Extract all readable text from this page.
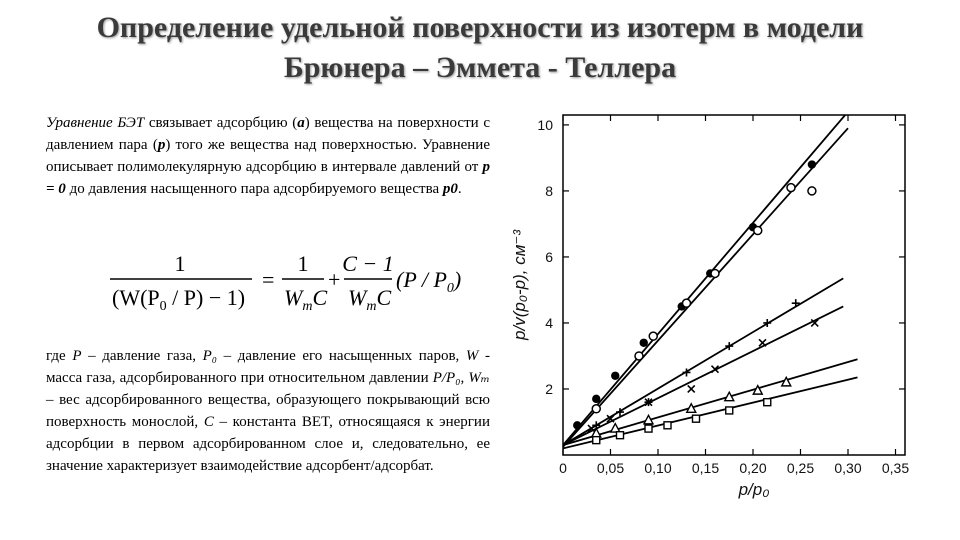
Определение удельной поверхности из изотерм в модели
Брюнера – Эммета - Теллера
Уравнение БЭТ связывает адсорбцию (а) вещества на поверхности с давлением пара (р) того же вещества над поверхностью. Уравнение описывает полимолекулярную адсорбцию в интервале давлений от р = 0 до давления насыщенного пара адсорбируемого вещества р0.
1
$(W(P_0 / P) - 1)$
=
1
$W_mC$
+
C − 1
$W_mC$
$(P / P_0)$
где Р – давление газа, Р₀ – давление его насыщенных паров, W - масса газа, адсорбированного при относительном давлении Р/Р₀, Wₘ – вес адсорбированного вещества, образующего покрывающий всю поверхность монослой, С – константа BET, относящаяся к энергии адсорбции в первом адсорбированном слое и, следовательно, ее значение характеризует взаимодействие адсорбент/адсорбат.	0 0,05 0,10 0,15 0,20 0,25 0,30 0,35
2
4
6
8
10
p/p₀
p/v(p₀-p), см⁻³
